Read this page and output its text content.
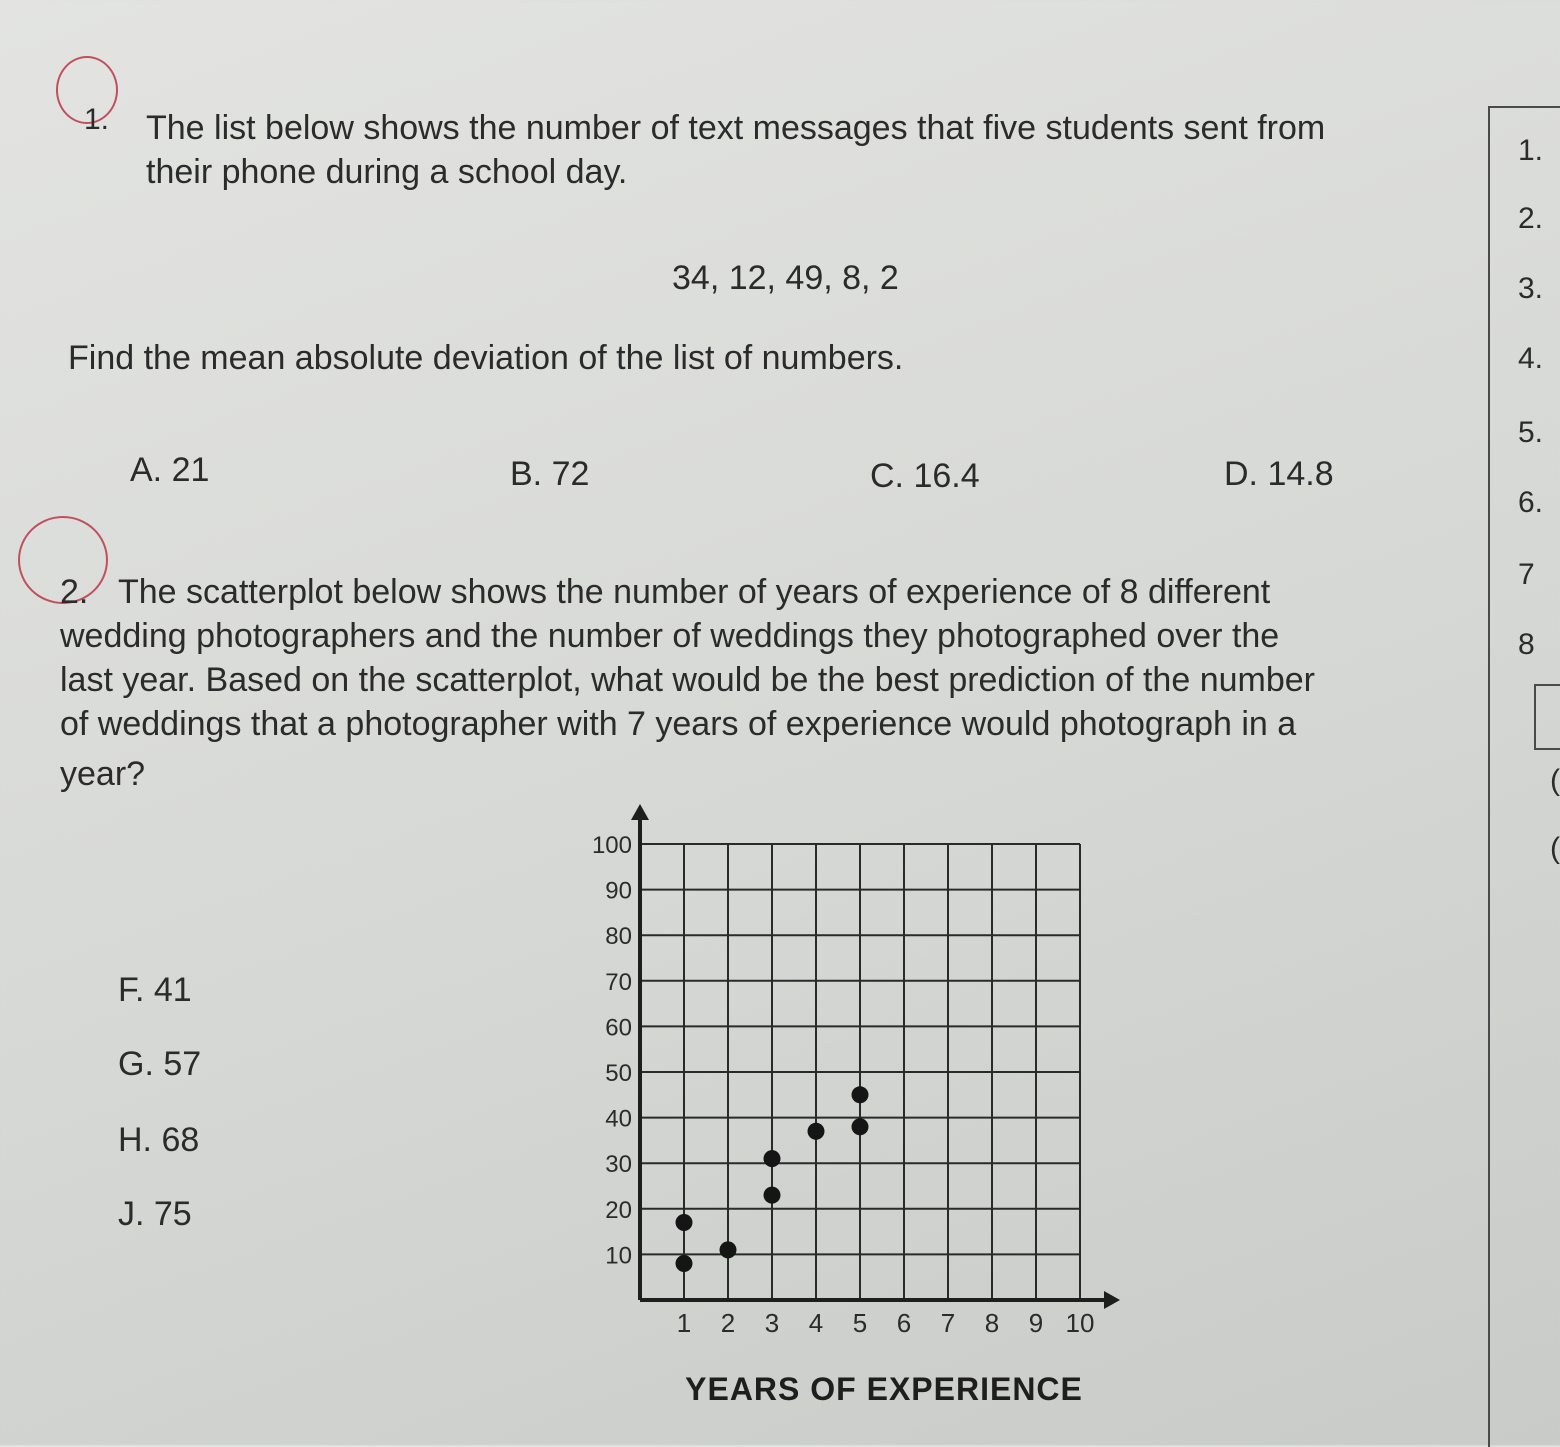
1. The list below shows the number of text messages that five students sent from
their phone during a school day.
34, 12, 49, 8, 2
Find the mean absolute deviation of the list of numbers.
A. 21	B. 72	C. 16.4	D. 14.8
2. The scatterplot below shows the number of years of experience of 8 different
wedding photographers and the number of weddings they photographed over the
last year. Based on the scatterplot, what would be the best prediction of the number
of weddings that a photographer with 7 years of experience would photograph in a
year?
F. 41
G. 57
H. 68
J. 75
10
20
30
40
50
60
70
80
90
100
1 2 3 4 5 6 7 8 9 10
YEARS OF EXPERIENCE
1.
2.
3.
4.
5.
6.
7
8
(
(
